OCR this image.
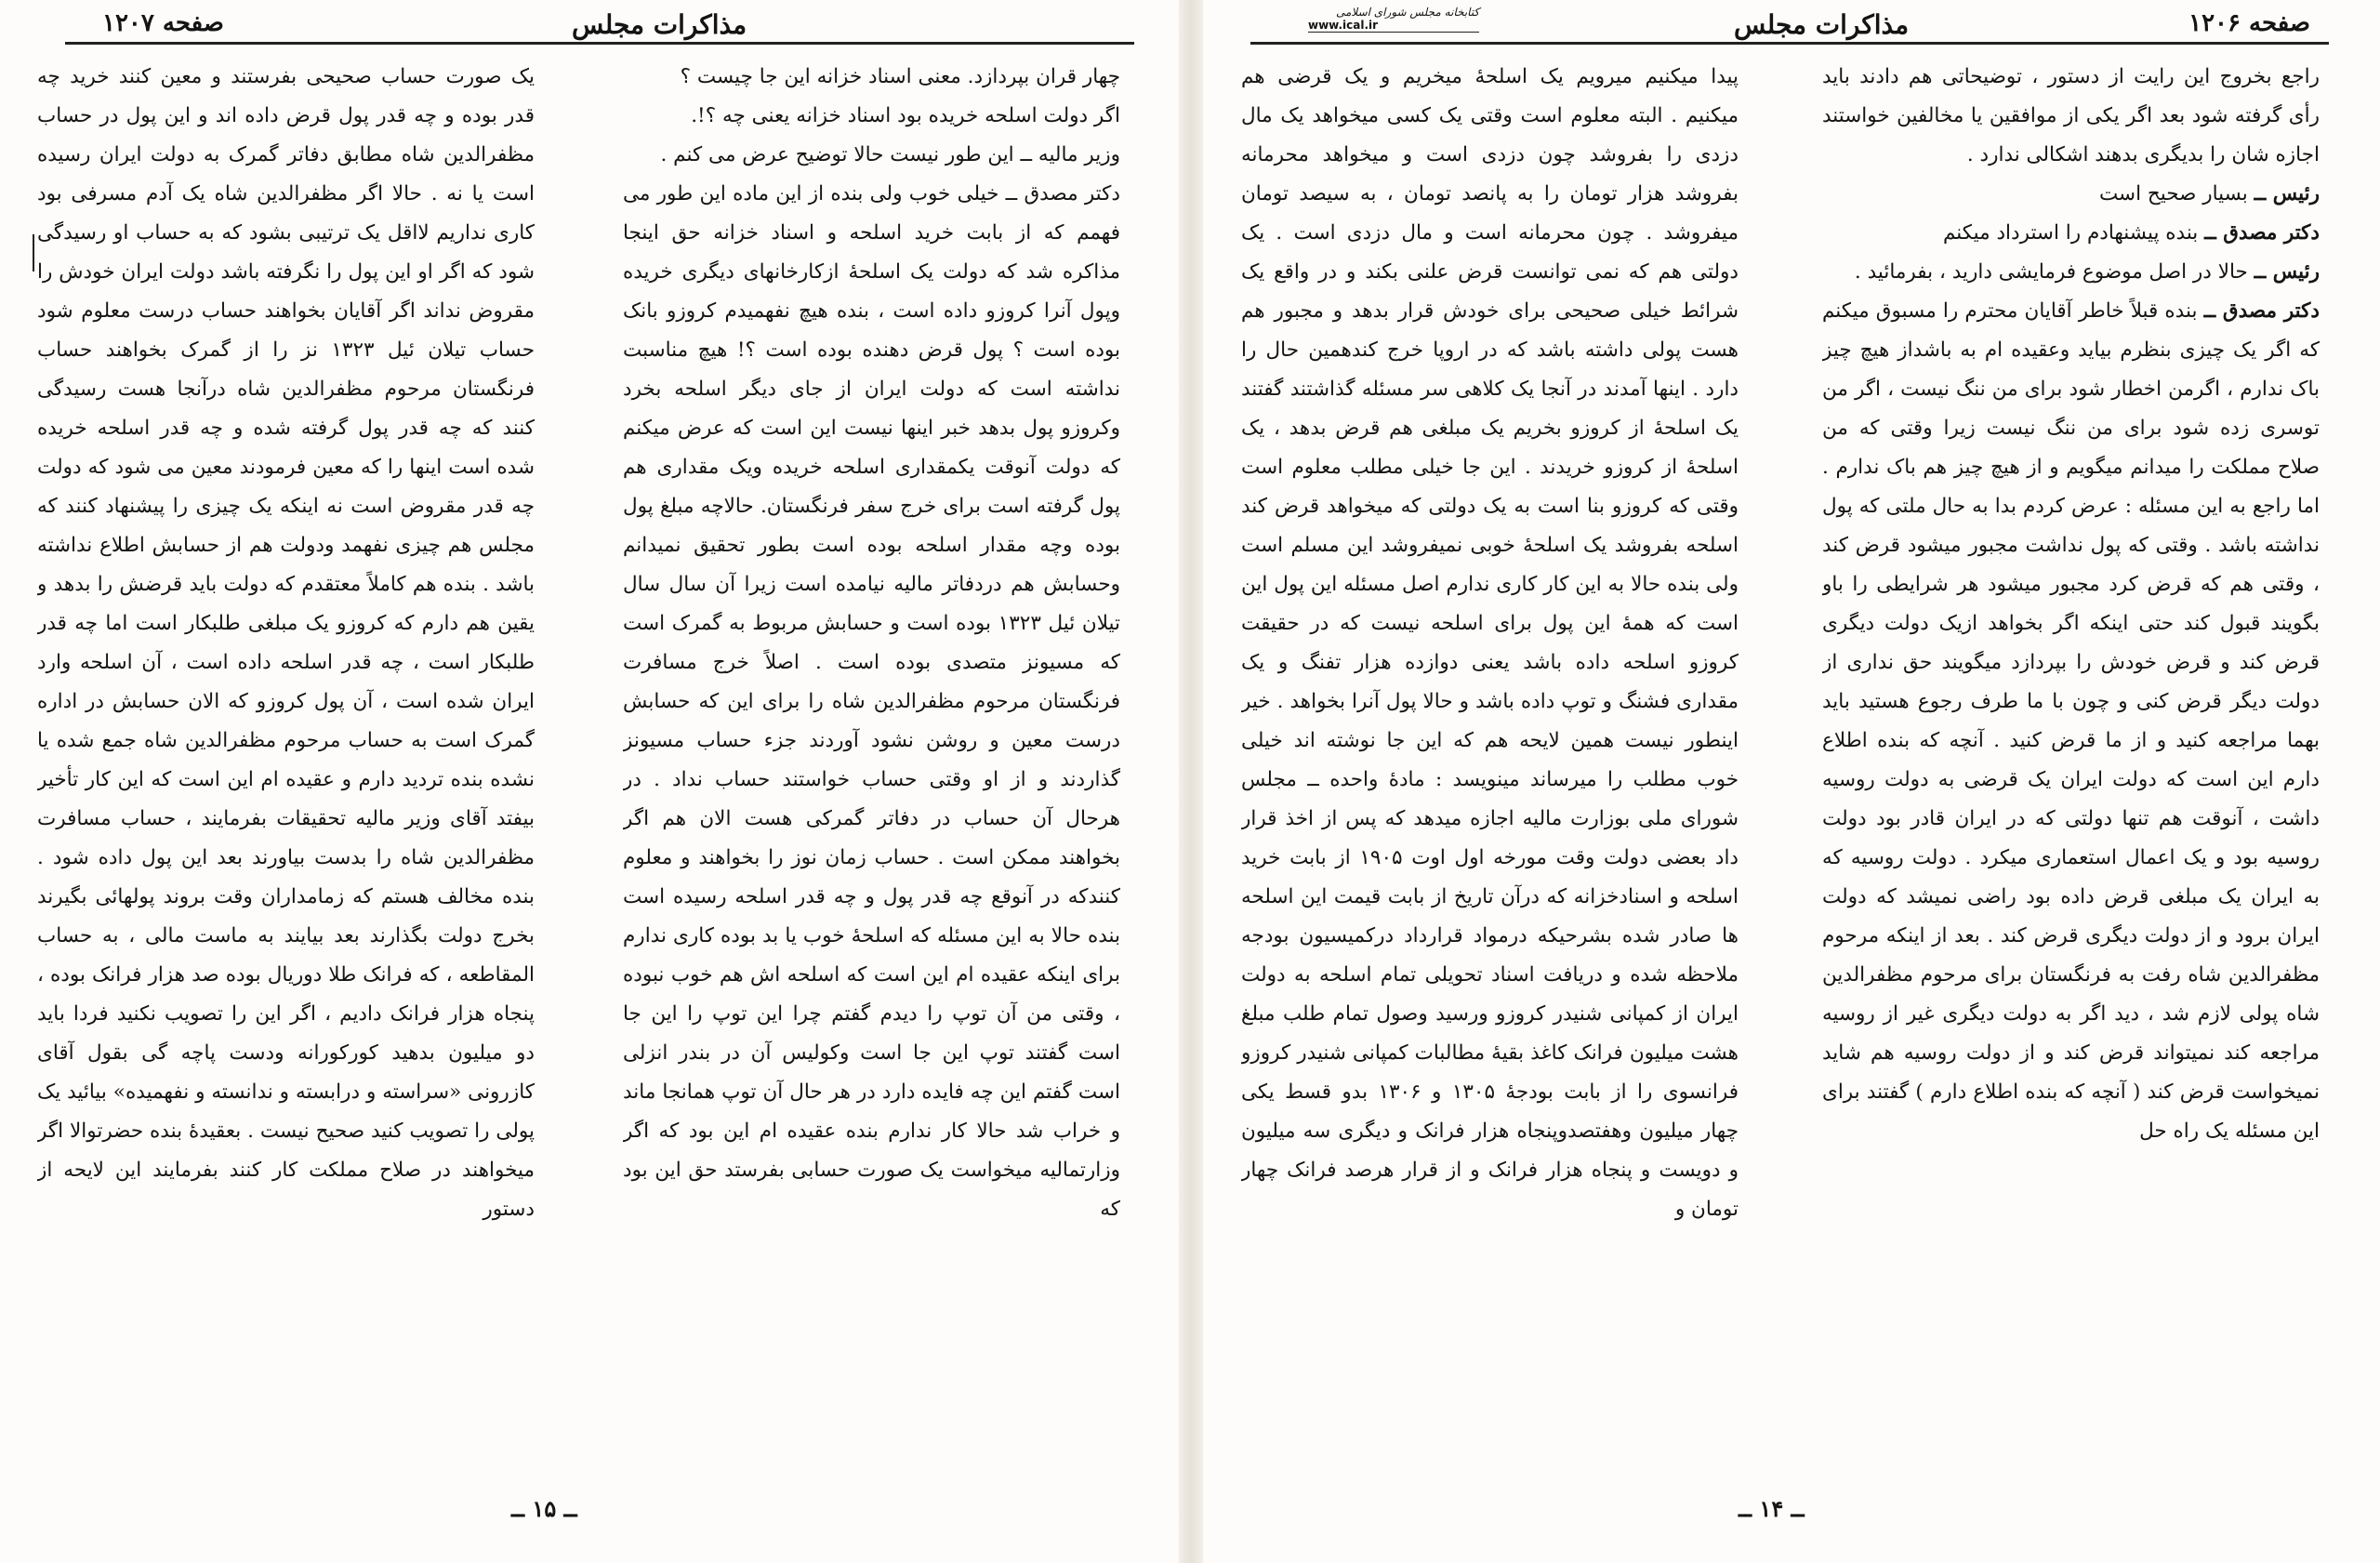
صفحه ۱۲۰۷	مذاکرات مجلس

چهار قران بپردازد. معنی اسناد خزانه این جا چیست ؟

اگر دولت اسلحه خریده بود اسناد خزانه یعنی چه ؟!.

وزیر مالیه ــ این طور نیست حالا توضیح عرض می کنم .

دکتر مصدق ــ خیلی خوب ولی بنده از این ماده این طور می فهمم که از بابت خرید اسلحه و اسناد خزانه حق اینجا مذاکره شد که دولت یک اسلحهٔ ازکارخانهای دیگری خریده وپول آنرا کروزو داده است ، بنده هیچ نفهمیدم کروزو بانک بوده است ؟ پول قرض دهنده بوده است ؟! هیچ مناسبت نداشته است که دولت ایران از جای دیگر اسلحه بخرد وکروزو پول بدهد خبر اینها نیست این است که عرض میکنم که دولت آنوقت یکمقداری اسلحه خریده ویک مقداری هم پول گرفته است برای خرج سفر فرنگستان. حالاچه مبلغ پول بوده وچه مقدار اسلحه بوده است بطور تحقیق نمیدانم وحسابش هم دردفاتر مالیه نیامده است زیرا آن سال سال تیلان ئیل ۱۳۲۳ بوده است و حسابش مربوط به گمرک است که مسیونز متصدی بوده است . اصلاً خرج مسافرت فرنگستان مرحوم مظفرالدین شاه را برای این که حسابش درست معین و روشن نشود آوردند جزء حساب مسیونز گذاردند و از او وقتی حساب خواستند حساب نداد . در هرحال آن حساب در دفاتر گمرکی هست الان هم اگر بخواهند ممکن است . حساب زمان نوز را بخواهند و معلوم کنندکه در آنوقع چه قدر پول و چه قدر اسلحه رسیده است بنده حالا به این مسئله که اسلحهٔ خوب یا بد بوده کاری ندارم برای اینکه عقیده ام این است که اسلحه اش هم خوب نبوده ، وقتی من آن توپ را دیدم گفتم چرا این توپ را این جا است گفتند توپ این جا است وکولیس آن در بندر انزلی است گفتم این چه فایده دارد در هر حال آن توپ همانجا ماند و خراب شد حالا کار ندارم بنده عقیده ام این بود که اگر وزارتمالیه میخواست یک صورت حسابی بفرستد حق این بود که

یک صورت حساب صحیحی بفرستند و معین کنند خرید چه قدر بوده و چه قدر پول قرض داده اند و این پول در حساب مظفرالدین شاه مطابق دفاتر گمرک به دولت ایران رسیده است یا نه . حالا اگر مظفرالدین شاه یک آدم مسرفی بود کاری نداریم لااقل یک ترتیبی بشود که به حساب او رسیدگی شود که اگر او این پول را نگرفته باشد دولت ایران خودش را مقروض نداند اگر آقایان بخواهند حساب درست معلوم شود حساب تیلان ئیل ۱۳۲۳ نز را از گمرک بخواهند حساب فرنگستان مرحوم مظفرالدین شاه درآنجا هست رسیدگی کنند که چه قدر پول گرفته شده و چه قدر اسلحه خریده شده است اینها را که معین فرمودند معین می شود که دولت چه قدر مقروض است نه اینکه یک چیزی را پیشنهاد کنند که مجلس هم چیزی نفهمد ودولت هم از حسابش اطلاع نداشته باشد . بنده هم کاملاً معتقدم که دولت باید قرضش را بدهد و یقین هم دارم که کروزو یک مبلغی طلبکار است اما چه قدر طلبکار است ، چه قدر اسلحه داده است ، آن اسلحه وارد ایران شده است ، آن پول کروزو که الان حسابش در اداره گمرک است به حساب مرحوم مظفرالدین شاه جمع شده یا نشده بنده تردید دارم و عقیده ام این است که این کار تأخیر بیفتد آقای وزیر مالیه تحقیقات بفرمایند ، حساب مسافرت مظفرالدین شاه را بدست بیاورند بعد این پول داده شود . بنده مخالف هستم که زمامداران وقت بروند پولهائی بگیرند بخرج دولت بگذارند بعد بیایند به ماست مالی ، به حساب المقاطعه ، که فرانک طلا دوریال بوده صد هزار فرانک بوده ، پنجاه هزار فرانک دادیم ، اگر این را تصویب نکنید فردا باید دو میلیون بدهید کورکورانه ودست پاچه گی بقول آقای کازرونی «سراسته و درابسته و ندانسته و نفهمیده» بیائید یک پولی را تصویب کنید صحیح نیست . بعقیدهٔ بنده حضرتوالا اگر میخواهند در صلاح مملکت کار کنند بفرمایند این لایحه از دستور

ــ ۱۵ ــ
صفحه ۱۲۰۶
مذاکرات مجلس
کتابخانه مجلس شورای اسلامی
www.ical.ir

راجع بخروج این رایت از دستور ، توضیحاتی هم دادند باید رأی گرفته شود بعد اگر یکی از موافقین یا مخالفین خواستند اجازه شان را بدیگری بدهند اشکالی ندارد .

رئیس ــ بسیار صحیح است

دکتر مصدق ــ بنده پیشنهادم را استرداد میکنم

رئیس ــ حالا در اصل موضوع فرمایشی دارید ، بفرمائید .

دکتر مصدق ــ بنده قبلاً خاطر آقایان محترم را مسبوق میکنم که اگر یک چیزی بنظرم بیاید وعقیده ام به باشداز هیچ چیز باک ندارم ، اگرمن اخطار شود برای من ننگ نیست ، اگر من توسری زده شود برای من ننگ نیست زیرا وقتی که من صلاح مملکت را میدانم میگویم و از هیچ چیز هم باک ندارم . اما راجع به این مسئله : عرض کردم بدا به حال ملتی که پول نداشته باشد . وقتی که پول نداشت مجبور میشود قرض کند ، وقتی هم که قرض کرد مجبور میشود هر شرایطی را باو بگویند قبول کند حتی اینکه اگر بخواهد ازیک دولت دیگری قرض کند و قرض خودش را بپردازد میگویند حق نداری از دولت دیگر قرض کنی و چون با ما طرف رجوع هستید باید بهما مراجعه کنید و از ما قرض کنید . آنچه که بنده اطلاع دارم این است که دولت ایران یک قرضی به دولت روسیه داشت ، آنوقت هم تنها دولتی که در ایران قادر بود دولت روسیه بود و یک اعمال استعماری میکرد . دولت روسیه که به ایران یک مبلغی قرض داده بود راضی نمیشد که دولت ایران برود و از دولت دیگری قرض کند . بعد از اینکه مرحوم مظفرالدین شاه رفت به فرنگستان برای مرحوم مظفرالدین شاه پولی لازم شد ، دید اگر به دولت دیگری غیر از روسیه مراجعه کند نمیتواند قرض کند و از دولت روسیه هم شاید نمیخواست قرض کند ( آنچه که بنده اطلاع دارم ) گفتند برای این مسئله یک راه حل

پیدا میکنیم میرویم یک اسلحهٔ میخریم و یک قرضی هم میکنیم . البته معلوم است وقتی یک کسی میخواهد یک مال دزدی را بفروشد چون دزدی است و میخواهد محرمانه بفروشد هزار تومان را به پانصد تومان ، به سیصد تومان میفروشد . چون محرمانه است و مال دزدی است . یک دولتی هم که نمی توانست قرض علنی بکند و در واقع یک شرائط خیلی صحیحی برای خودش قرار بدهد و مجبور هم هست پولی داشته باشد که در اروپا خرج کندهمین حال را دارد . اینها آمدند در آنجا یک کلاهی سر مسئله گذاشتند گفتند یک اسلحهٔ از کروزو بخریم یک مبلغی هم قرض بدهد ، یک اسلحهٔ از کروزو خریدند . این جا خیلی مطلب معلوم است وقتی که کروزو بنا است به یک دولتی که میخواهد قرض کند اسلحه بفروشد یک اسلحهٔ خوبی نمیفروشد این مسلم است ولی بنده حالا به این کار کاری ندارم اصل مسئله این پول این است که همهٔ این پول برای اسلحه نیست که در حقیقت کروزو اسلحه داده باشد یعنی دوازده هزار تفنگ و یک مقداری فشنگ و توپ داده باشد و حالا پول آنرا بخواهد . خیر اینطور نیست همین لایحه هم که این جا نوشته اند خیلی خوب مطلب را میرساند مینویسد : مادهٔ واحده ــ مجلس شورای ملی بوزارت مالیه اجازه میدهد که پس از اخذ قرار داد بعضی دولت وقت مورخه اول اوت ۱۹۰۵ از بابت خرید اسلحه و اسنادخزانه که درآن تاریخ از بابت قیمت این اسلحه ها صادر شده بشرحیکه درمواد قرارداد درکمیسیون بودجه ملاحظه شده و دریافت اسناد تحویلی تمام اسلحه به دولت ایران از کمپانی شنیدر کروزو ورسید وصول تمام طلب مبلغ هشت میلیون فرانک کاغذ بقیهٔ مطالبات کمپانی شنیدر کروزو فرانسوی را از بابت بودجهٔ ۱۳۰۵ و ۱۳۰۶ بدو قسط یکی چهار میلیون وهفتصدوپنجاه هزار فرانک و دیگری سه میلیون و دویست و پنجاه هزار فرانک و از قرار هرصد فرانک چهار تومان و

ــ ۱۴ ــ
